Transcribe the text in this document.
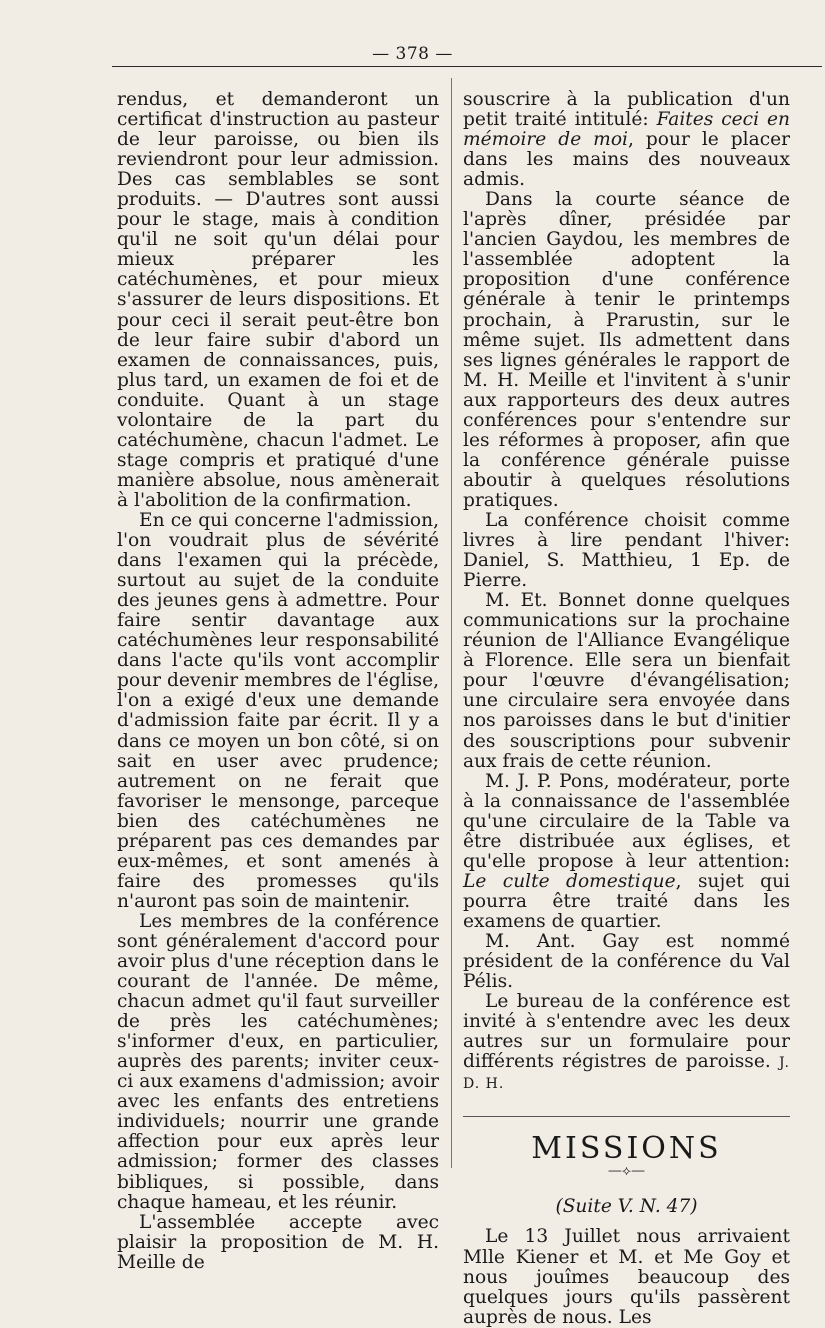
— 378 —

rendus, et demanderont un certificat d'instruction au pasteur de leur paroisse, ou bien ils reviendront pour leur admission. Des cas semblables se sont produits. — D'autres sont aussi pour le stage, mais à condition qu'il ne soit qu'un délai pour mieux préparer les catéchumènes, et pour mieux s'assurer de leurs dispositions. Et pour ceci il serait peut-être bon de leur faire subir d'abord un examen de connaissances, puis, plus tard, un examen de foi et de conduite. Quant à un stage volontaire de la part du catéchumène, chacun l'admet. Le stage compris et pratiqué d'une manière absolue, nous amènerait à l'abolition de la confirmation.

En ce qui concerne l'admission, l'on voudrait plus de sévérité dans l'examen qui la précède, surtout au sujet de la conduite des jeunes gens à admettre. Pour faire sentir davantage aux catéchumènes leur responsabilité dans l'acte qu'ils vont accomplir pour devenir membres de l'église, l'on a exigé d'eux une demande d'admission faite par écrit. Il y a dans ce moyen un bon côté, si on sait en user avec prudence; autrement on ne ferait que favoriser le mensonge, parceque bien des catéchumènes ne préparent pas ces demandes par eux-mêmes, et sont amenés à faire des promesses qu'ils n'auront pas soin de maintenir.

Les membres de la conférence sont généralement d'accord pour avoir plus d'une réception dans le courant de l'année. De même, chacun admet qu'il faut surveiller de près les catéchumènes; s'informer d'eux, en particulier, auprès des parents; inviter ceux-ci aux examens d'admission; avoir avec les enfants des entretiens individuels; nourrir une grande affection pour eux après leur admission; former des classes bibliques, si possible, dans chaque hameau, et les réunir.

L'assemblée accepte avec plaisir la proposition de M. H. Meille de

souscrire à la publication d'un petit traité intitulé: Faites ceci en mémoire de moi, pour le placer dans les mains des nouveaux admis.

Dans la courte séance de l'après dîner, présidée par l'ancien Gaydou, les membres de l'assemblée adoptent la proposition d'une conférence générale à tenir le printemps prochain, à Prarustin, sur le même sujet. Ils admettent dans ses lignes générales le rapport de M. H. Meille et l'invitent à s'unir aux rapporteurs des deux autres conférences pour s'entendre sur les réformes à proposer, afin que la conférence générale puisse aboutir à quelques résolutions pratiques.

La conférence choisit comme livres à lire pendant l'hiver: Daniel, S. Matthieu, 1 Ep. de Pierre.

M. Et. Bonnet donne quelques communications sur la prochaine réunion de l'Alliance Evangélique à Florence. Elle sera un bienfait pour l'œuvre d'évangélisation; une circulaire sera envoyée dans nos paroisses dans le but d'initier des souscriptions pour subvenir aux frais de cette réunion.

M. J. P. Pons, modérateur, porte à la connaissance de l'assemblée qu'une circulaire de la Table va être distribuée aux églises, et qu'elle propose à leur attention: Le culte domestique, sujet qui pourra être traité dans les examens de quartier.

M. Ant. Gay est nommé président de la conférence du Val Pélis.

Le bureau de la conférence est invité à s'entendre avec les deux autres sur un formulaire pour différents régistres de paroisse. J. D. H.

MISSIONS
—⟡—
(Suite V. N. 47)

Le 13 Juillet nous arrivaient Mlle Kiener et M. et Me Goy et nous jouîmes beaucoup des quelques jours qu'ils passèrent auprès de nous. Les
